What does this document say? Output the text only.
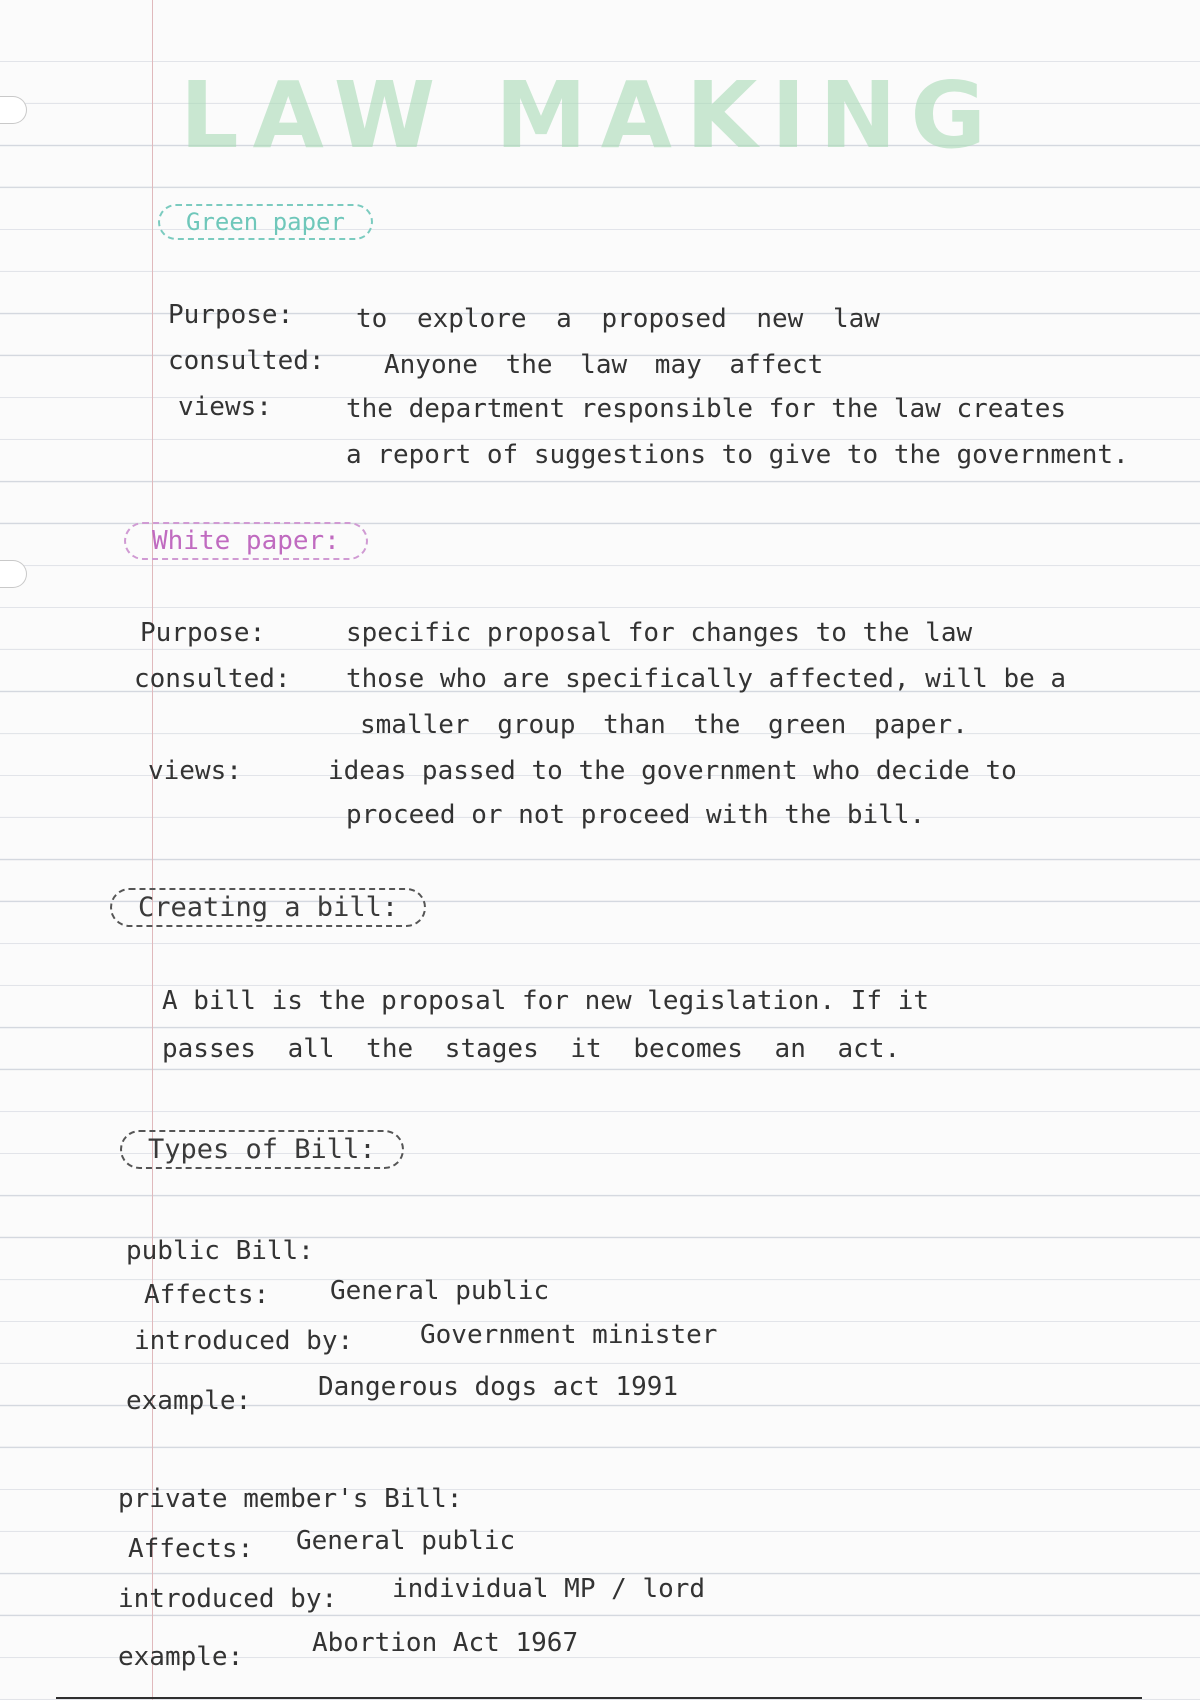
LAW MAKING
Green paper
Purpose: to explore a proposed new law
consulted: Anyone the law may affect
views:	the department responsible for the law creates
a report of suggestions to give to the government.
White paper:
Purpose:	specific proposal for changes to the law
consulted: those who are specifically affected, will be a
smaller group than the green paper.
views:	ideas passed to the government who decide to
proceed or not proceed with the bill.
Creating a bill:
A bill is the proposal for new legislation. If it
passes all the stages it becomes an act.
Types of Bill:
public Bill:
Affects: General public
introduced by:	Government minister
example:	Dangerous dogs act 1991
private member's Bill:
Affects: General public
introduced by: individual MP / lord
example:	Abortion Act 1967
